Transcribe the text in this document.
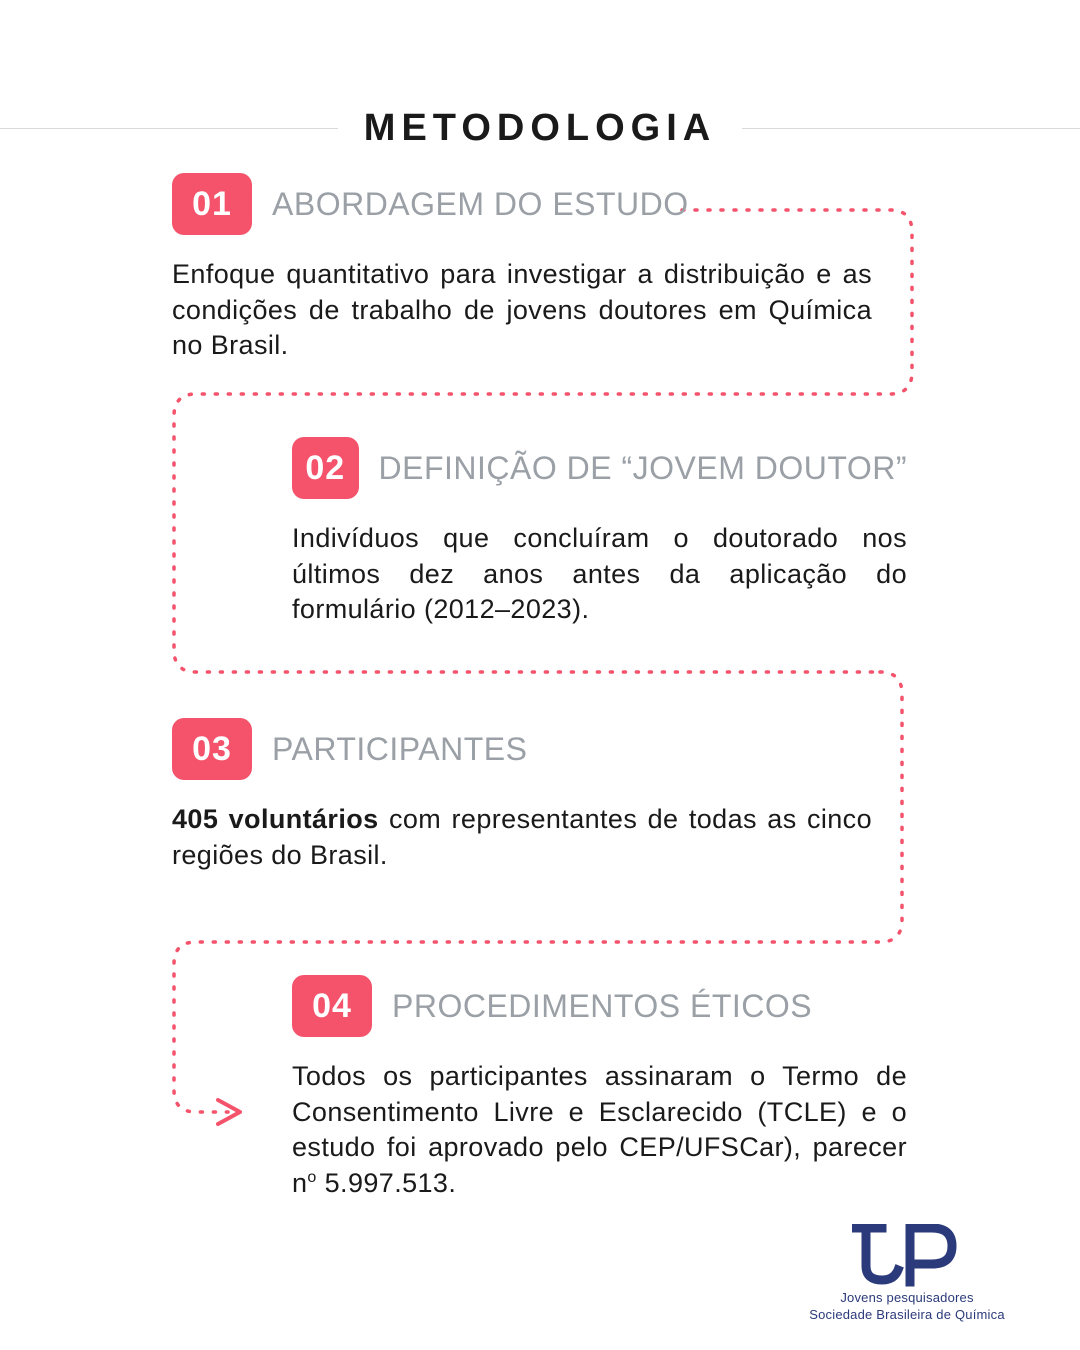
METODOLOGIA
01	ABORDAGEM DO ESTUDO
Enfoque quantitativo para investigar a distribuição e as condições de trabalho de jovens doutores em Química no Brasil.
02	DEFINIÇÃO DE “JOVEM DOUTOR”
Indivíduos que concluíram o doutorado nos últimos dez anos antes da aplicação do formulário (2012–2023).
03	PARTICIPANTES
405 voluntários com representantes de todas as cinco regiões do Brasil.
04	PROCEDIMENTOS ÉTICOS
Todos os participantes assinaram o Termo de Consentimento Livre e Esclarecido (TCLE) e o estudo foi aprovado pelo CEP/UFSCar), parecer $n^o$ 5.997.513.
Jovens pesquisadores
Sociedade Brasileira de Química
